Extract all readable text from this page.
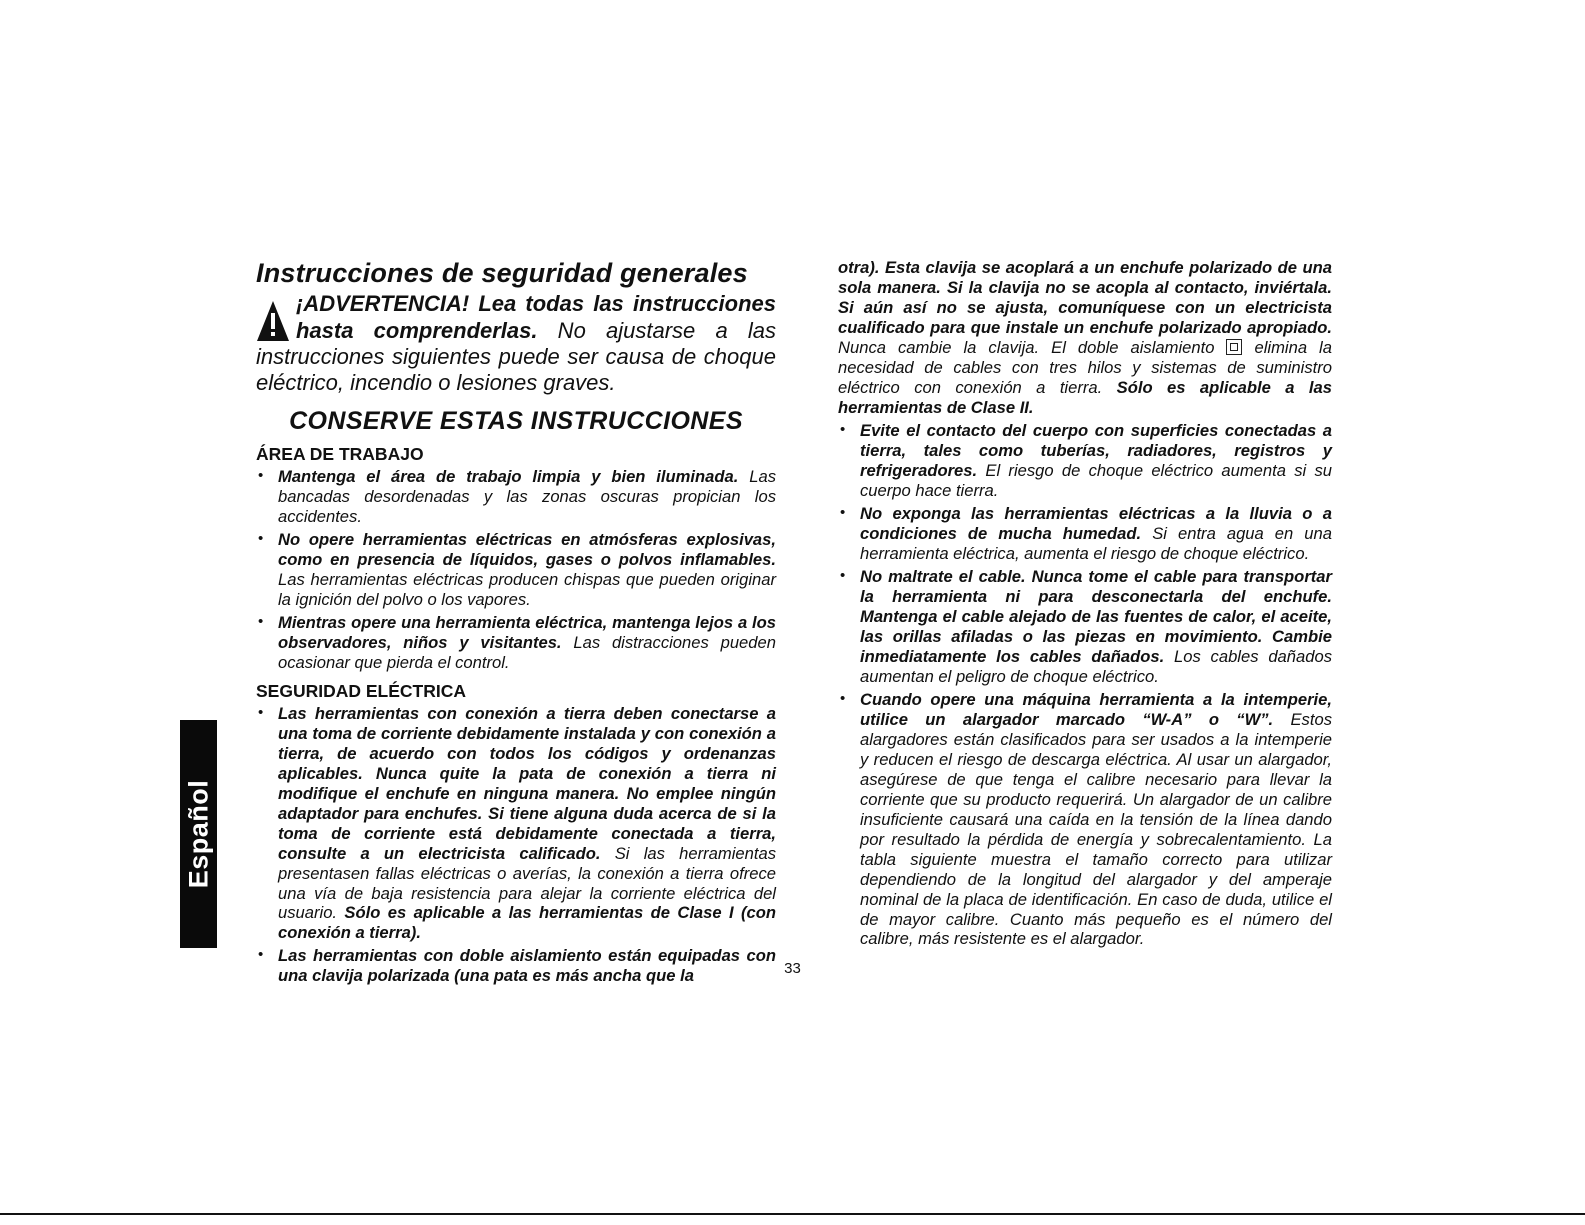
Instrucciones de seguridad generales

¡ADVERTENCIA! Lea todas las instrucciones hasta comprenderlas. No ajustarse a las instrucciones siguientes puede ser causa de choque eléctrico, incendio o lesiones graves.

CONSERVE ESTAS INSTRUCCIONES
ÁREA DE TRABAJO
• Mantenga el área de trabajo limpia y bien iluminada. Las bancadas desordenadas y las zonas oscuras propician los accidentes.
• No opere herramientas eléctricas en atmósferas explosivas, como en presencia de líquidos, gases o polvos inflamables. Las herramientas eléctricas producen chispas que pueden originar la ignición del polvo o los vapores.
• Mientras opere una herramienta eléctrica, mantenga lejos a los observadores, niños y visitantes. Las distracciones pueden ocasionar que pierda el control.
SEGURIDAD ELÉCTRICA
• Las herramientas con conexión a tierra deben conectarse a una toma de corriente debidamente instalada y con conexión a tierra, de acuerdo con todos los códigos y ordenanzas aplicables. Nunca quite la pata de conexión a tierra ni modifique el enchufe en ninguna manera. No emplee ningún adaptador para enchufes. Si tiene alguna duda acerca de si la toma de corriente está debidamente conectada a tierra, consulte a un electricista calificado. Si las herramientas presentasen fallas eléctricas o averías, la conexión a tierra ofrece una vía de baja resistencia para alejar la corriente eléctrica del usuario. Sólo es aplicable a las herramientas de Clase I (con conexión a tierra).
• Las herramientas con doble aislamiento están equipadas con una clavija polarizada (una pata es más ancha que la
otra). Esta clavija se acoplará a un enchufe polarizado de una sola manera. Si la clavija no se acopla al contacto, inviértala. Si aún así no se ajusta, comuníquese con un electricista cualificado para que instale un enchufe polarizado apropiado. Nunca cambie la clavija. El doble aislamiento  elimina la necesidad de cables con tres hilos y sistemas de suministro eléctrico con conexión a tierra. Sólo es aplicable a las herramientas de Clase II.
• Evite el contacto del cuerpo con superficies conectadas a tierra, tales como tuberías, radiadores, registros y refrigeradores. El riesgo de choque eléctrico aumenta si su cuerpo hace tierra.
• No exponga las herramientas eléctricas a la lluvia o a condiciones de mucha humedad. Si entra agua en una herramienta eléctrica, aumenta el riesgo de choque eléctrico.
• No maltrate el cable. Nunca tome el cable para transportar la herramienta ni para desconectarla del enchufe. Mantenga el cable alejado de las fuentes de calor, el aceite, las orillas afiladas o las piezas en movimiento. Cambie inmediatamente los cables dañados. Los cables dañados aumentan el peligro de choque eléctrico.
• Cuando opere una máquina herramienta a la intemperie, utilice un alargador marcado “W-A” o “W”. Estos alargadores están clasificados para ser usados a la intemperie y reducen el riesgo de descarga eléctrica. Al usar un alargador, asegúrese de que tenga el calibre necesario para llevar la corriente que su producto requerirá. Un alargador de un calibre insuficiente causará una caída en la tensión de la línea dando por resultado la pérdida de energía y sobrecalentamiento. La tabla siguiente muestra el tamaño correcto para utilizar dependiendo de la longitud del alargador y del amperaje nominal de la placa de identificación. En caso de duda, utilice el de mayor calibre. Cuanto más pequeño es el número del calibre, más resistente es el alargador.
Español
33
